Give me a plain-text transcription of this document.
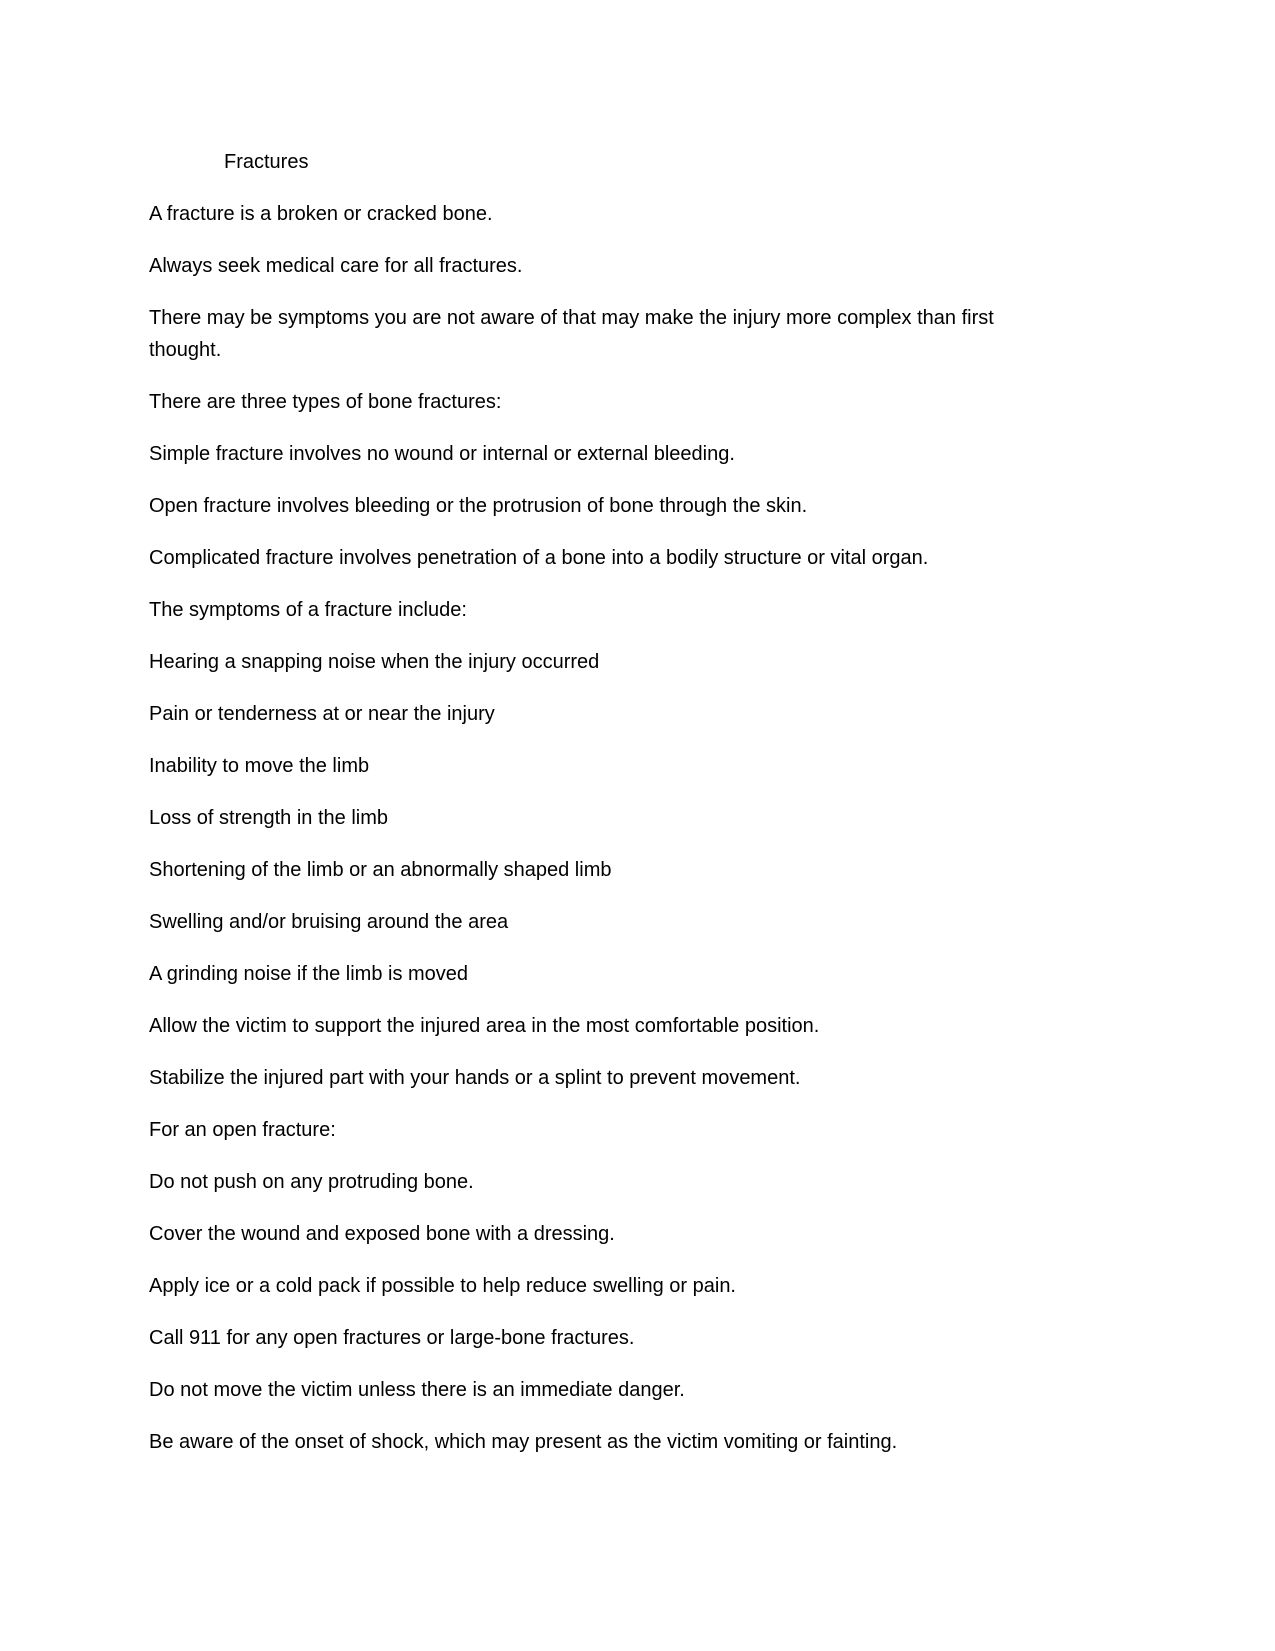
Fractures

A fracture is a broken or cracked bone.

Always seek medical care for all fractures.

There may be symptoms you are not aware of that may make the injury more complex than first thought.

There are three types of bone fractures:

Simple fracture involves no wound or internal or external bleeding.

Open fracture involves bleeding or the protrusion of bone through the skin.

Complicated fracture involves penetration of a bone into a bodily structure or vital organ.

The symptoms of a fracture include:

Hearing a snapping noise when the injury occurred

Pain or tenderness at or near the injury

Inability to move the limb

Loss of strength in the limb

Shortening of the limb or an abnormally shaped limb

Swelling and/or bruising around the area

A grinding noise if the limb is moved

Allow the victim to support the injured area in the most comfortable position.

Stabilize the injured part with your hands or a splint to prevent movement.

For an open fracture:

Do not push on any protruding bone.

Cover the wound and exposed bone with a dressing.

Apply ice or a cold pack if possible to help reduce swelling or pain.

Call 911 for any open fractures or large-bone fractures.

Do not move the victim unless there is an immediate danger.

Be aware of the onset of shock, which may present as the victim vomiting or fainting.
